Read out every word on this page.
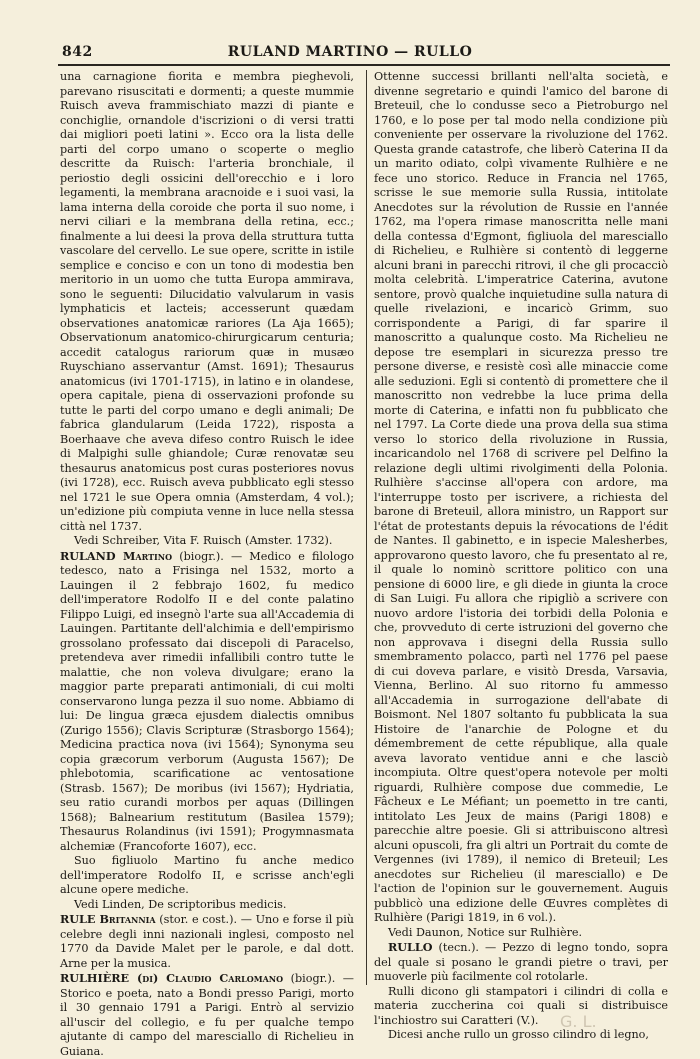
842	RULAND MARTINO — RULLO

una carnagione fiorita e membra pieghevoli, parevano risuscitati e dormenti; a queste mummie Ruisch aveva frammischiato mazzi di piante e conchiglie, ornandole d'iscrizioni o di versi tratti dai migliori poeti latini ». Ecco ora la lista delle parti del corpo umano o scoperte o meglio descritte da Ruisch: l'arteria bronchiale, il periostio degli ossicini dell'orecchio e i loro legamenti, la membrana aracnoide e i suoi vasi, la lama interna della coroide che porta il suo nome, i nervi ciliari e la membrana della retina, ecc.; finalmente a lui deesi la prova della struttura tutta vascolare del cervello. Le sue opere, scritte in istile semplice e conciso e con un tono di modestia ben meritorio in un uomo che tutta Europa ammirava, sono le seguenti: Dilucidatio valvularum in vasis lymphaticis et lacteis; accesserunt quædam observationes anatomicæ rariores (La Aja 1665); Observationum anatomico-chirurgicarum centuria; accedit catalogus rariorum quæ in musæo Ruyschiano asservantur (Amst. 1691); Thesaurus anatomicus (ivi 1701-1715), in latino e in olandese, opera capitale, piena di osservazioni profonde su tutte le parti del corpo umano e degli animali; De fabrica glandularum (Leida 1722), risposta a Boerhaave che aveva difeso contro Ruisch le idee di Malpighi sulle ghiandole; Curæ renovatæ seu thesaurus anatomicus post curas posteriores novus (ivi 1728), ecc. Ruisch aveva pubblicato egli stesso nel 1721 le sue Opera omnia (Amsterdam, 4 vol.); un'edizione più compiuta venne in luce nella stessa città nel 1737.

Vedi Schreiber, Vita F. Ruisch (Amster. 1732).

RULAND Martino (biogr.). — Medico e filologo tedesco, nato a Frisinga nel 1532, morto a Lauingen il 2 febbrajo 1602, fu medico dell'imperatore Rodolfo II e del conte palatino Filippo Luigi, ed insegnò l'arte sua all'Accademia di Lauingen. Partitante dell'alchimia e dell'empirismo grossolano professato dai discepoli di Paracelso, pretendeva aver rimedii infallibili contro tutte le malattie, che non voleva divulgare; erano la maggior parte preparati antimoniali, di cui molti conservarono lunga pezza il suo nome. Abbiamo di lui: De lingua græca ejusdem dialectis omnibus (Zurigo 1556); Clavis Scripturæ (Strasborgo 1564); Medicina practica nova (ivi 1564); Synonyma seu copia græcorum verborum (Augusta 1567); De phlebotomia, scarificatione ac ventosatione (Strasb. 1567); De moribus (ivi 1567); Hydriatia, seu ratio curandi morbos per aquas (Dillingen 1568); Balnearium restitutum (Basilea 1579); Thesaurus Rolandinus (ivi 1591); Progymnasmata alchemiæ (Francoforte 1607), ecc.

Suo figliuolo Martino fu anche medico dell'imperatore Rodolfo II, e scrisse anch'egli alcune opere mediche.

Vedi Linden, De scriptoribus medicis.

RULE Britannia (stor. e cost.). — Uno e forse il più celebre degli inni nazionali inglesi, composto nel 1770 da Davide Malet per le parole, e dal dott. Arne per la musica.

RULHIÈRE (di) Claudio Carlomano (biogr.). — Storico e poeta, nato a Bondi presso Parigi, morto il 30 gennaio 1791 a Parigi. Entrò al servizio all'uscir del collegio, e fu per qualche tempo ajutante di campo del maresciallo di Richelieu in Guiana.

Ottenne successi brillanti nell'alta società, e divenne segretario e quindi l'amico del barone di Breteuil, che lo condusse seco a Pietroburgo nel 1760, e lo pose per tal modo nella condizione più conveniente per osservare la rivoluzione del 1762. Questa grande catastrofe, che liberò Caterina II da un marito odiato, colpì vivamente Rulhière e ne fece uno storico. Reduce in Francia nel 1765, scrisse le sue memorie sulla Russia, intitolate Anecdotes sur la révolution de Russie en l'année 1762, ma l'opera rimase manoscritta nelle mani della contessa d'Egmont, figliuola del maresciallo di Richelieu, e Rulhière si contentò di leggerne alcuni brani in parecchi ritrovi, il che gli procacciò molta celebrità. L'imperatrice Caterina, avutone sentore, provò qualche inquietudine sulla natura di quelle rivelazioni, e incaricò Grimm, suo corrispondente a Parigi, di far sparire il manoscritto a qualunque costo. Ma Richelieu ne depose tre esemplari in sicurezza presso tre persone diverse, e resistè così alle minaccie come alle seduzioni. Egli si contentò di promettere che il manoscritto non vedrebbe la luce prima della morte di Caterina, e infatti non fu pubblicato che nel 1797. La Corte diede una prova della sua stima verso lo storico della rivoluzione in Russia, incaricandolo nel 1768 di scrivere pel Delfino la relazione degli ultimi rivolgimenti della Polonia. Rulhière s'accinse all'opera con ardore, ma l'interruppe tosto per iscrivere, a richiesta del barone di Breteuil, allora ministro, un Rapport sur l'état de protestants depuis la révocations de l'édit de Nantes. Il gabinetto, e in ispecie Malesherbes, approvarono questo lavoro, che fu presentato al re, il quale lo nominò scrittore politico con una pensione di 6000 lire, e gli diede in giunta la croce di San Luigi. Fu allora che ripigliò a scrivere con nuovo ardore l'istoria dei torbidi della Polonia e che, provveduto di certe istruzioni del governo che non approvava i disegni della Russia sullo smembramento polacco, partì nel 1776 pel paese di cui doveva parlare, e visitò Dresda, Varsavia, Vienna, Berlino. Al suo ritorno fu ammesso all'Accademia in surrogazione dell'abate di Boismont. Nel 1807 soltanto fu pubblicata la sua Histoire de l'anarchie de Pologne et du démembrement de cette république, alla quale aveva lavorato ventidue anni e che lasciò incompiuta. Oltre quest'opera notevole per molti riguardi, Rulhière compose due commedie, Le Fâcheux e Le Méfiant; un poemetto in tre canti, intitolato Les Jeux de mains (Parigi 1808) e parecchie altre poesie. Gli si attribuiscono altresì alcuni opuscoli, fra gli altri un Portrait du comte de Vergennes (ivi 1789), il nemico di Breteuil; Les anecdotes sur Richelieu (il maresciallo) e De l'action de l'opinion sur le gouvernement. Auguis pubblicò una edizione delle Œuvres complètes di Rulhière (Parigi 1819, in 6 vol.).

Vedi Daunon, Notice sur Rulhière.

RULLO (tecn.). — Pezzo di legno tondo, sopra del quale si posano le grandi pietre o travi, per muoverle più facilmente col rotolarle.

Rulli dicono gli stampatori i cilindri di colla e materia zuccherina coi quali si distribuisce l'inchiostro sui Caratteri (V.).

Dicesi anche rullo un grosso cilindro di legno,

G. L.
